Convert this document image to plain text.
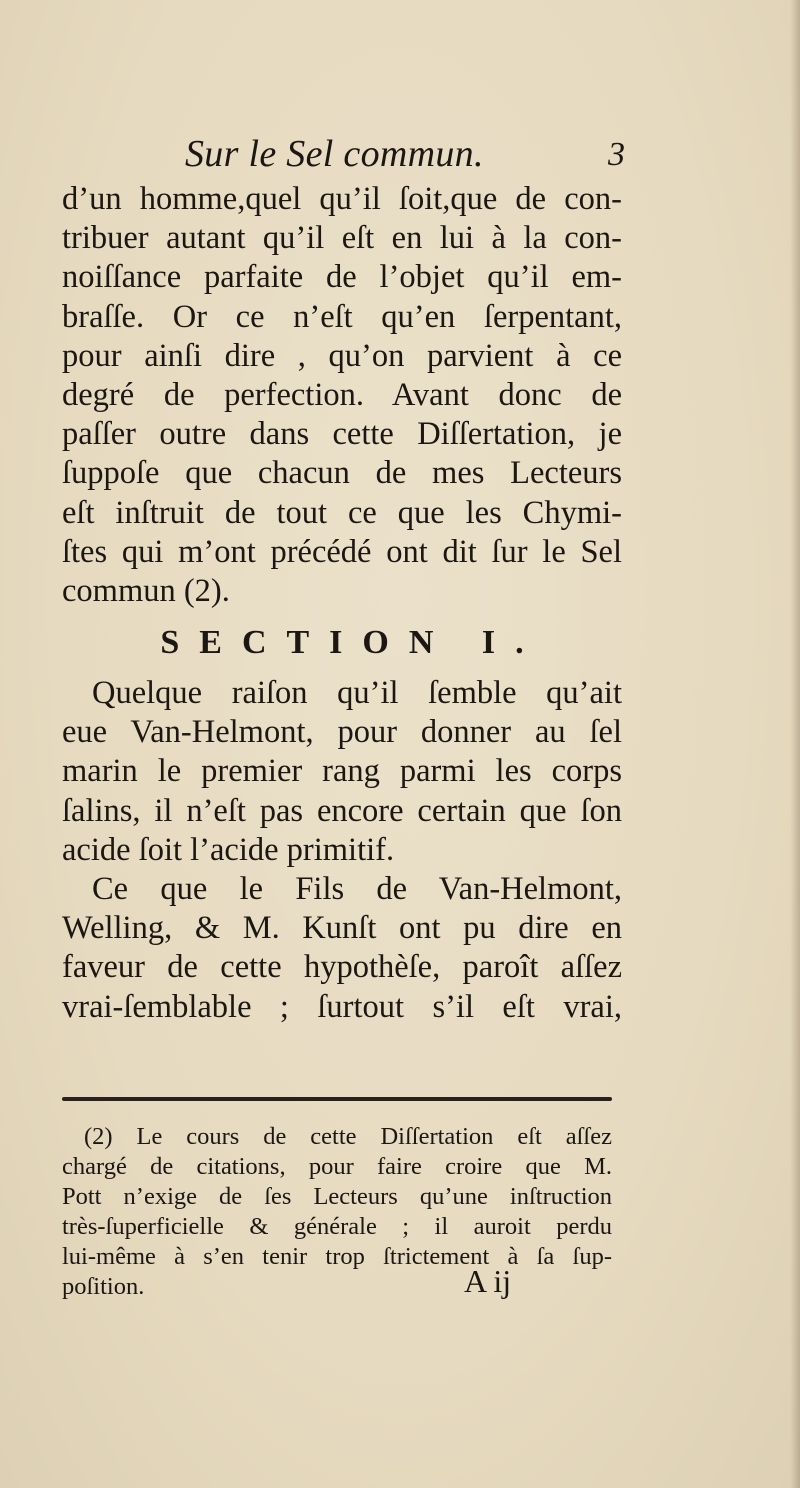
Sur le Sel commun.	3
d’un homme,quel qu’il ſoit,que de con-
tribuer autant qu’il eſt en lui à la con-
noiſſance parfaite de l’objet qu’il em-
braſſe. Or ce n’eſt qu’en ſerpentant,
pour ainſi dire , qu’on parvient à ce
degré de perfection. Avant donc de
paſſer outre dans cette Diſſertation, je
ſuppoſe que chacun de mes Lecteurs
eſt inſtruit de tout ce que les Chymi-
ſtes qui m’ont précédé ont dit ſur le Sel
commun (2).
SECTION I.
Quelque raiſon qu’il ſemble qu’ait
eue Van-Helmont, pour donner au ſel
marin le premier rang parmi les corps
ſalins, il n’eſt pas encore certain que ſon
acide ſoit l’acide primitif.
Ce que le Fils de Van-Helmont,
Welling, & M. Kunſt ont pu dire en
faveur de cette hypothèſe, paroît aſſez
vrai-ſemblable ; ſurtout s’il eſt vrai,
(2) Le cours de cette Diſſertation eſt aſſez
chargé de citations, pour faire croire que M.
Pott n’exige de ſes Lecteurs qu’une inſtruction
très-ſuperficielle & générale ; il auroit perdu
lui-même à s’en tenir trop ſtrictement à ſa ſup-
poſition.	A ij
